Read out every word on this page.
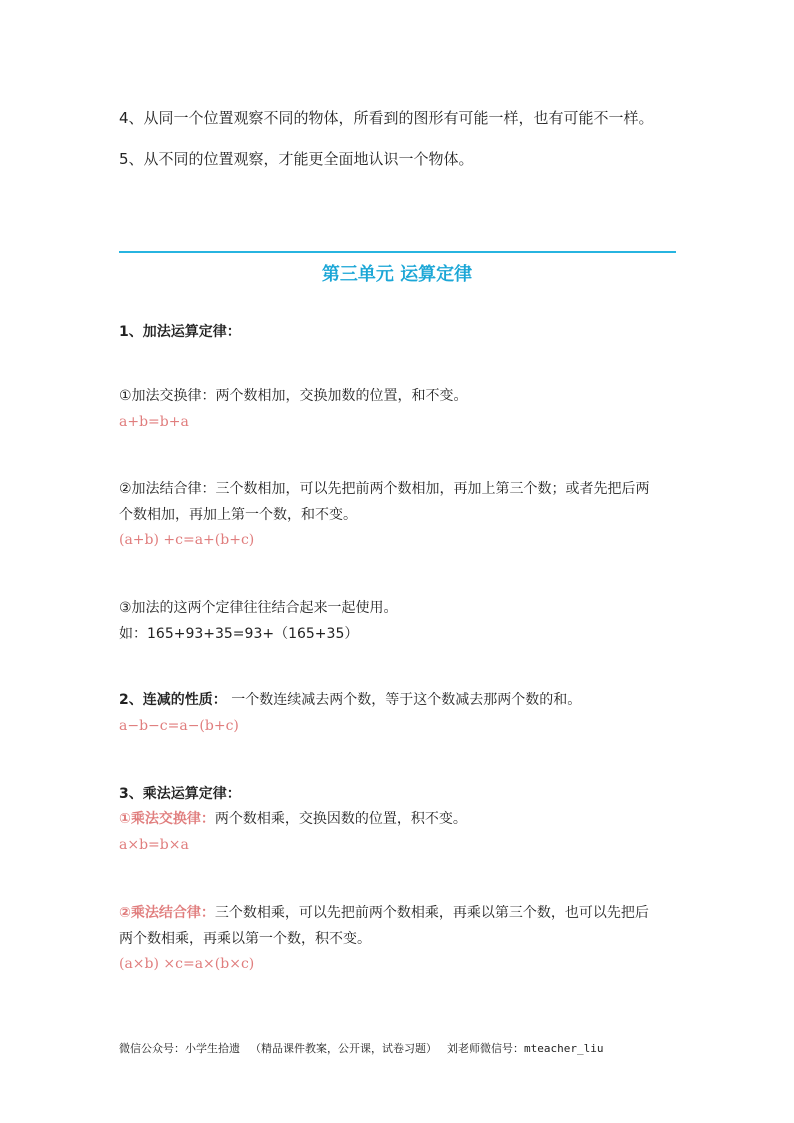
4、从同一个位置观察不同的物体，所看到的图形有可能一样，也有可能不一样。
5、从不同的位置观察，才能更全面地认识一个物体。
第三单元 运算定律
1、加法运算定律：
①加法交换律：两个数相加，交换加数的位置，和不变。
a+b=b+a
②加法结合律：三个数相加，可以先把前两个数相加，再加上第三个数；或者先把后两
个数相加，再加上第一个数，和不变。
(a+b) +c=a+(b+c)
③加法的这两个定律往往结合起来一起使用。
如：165+93+35=93+（165+35）
2、连减的性质： 一个数连续减去两个数，等于这个数减去那两个数的和。
a−b−c=a−(b+c)
3、乘法运算定律：
①乘法交换律：两个数相乘，交换因数的位置，积不变。
a×b=b×a
②乘法结合律：三个数相乘，可以先把前两个数相乘，再乘以第三个数，也可以先把后
两个数相乘，再乘以第一个数，积不变。
(a×b) ×c=a×(b×c)
微信公众号：小学生拾遗 （精品课件教案，公开课，试卷习题） 刘老师微信号：mteacher_liu
